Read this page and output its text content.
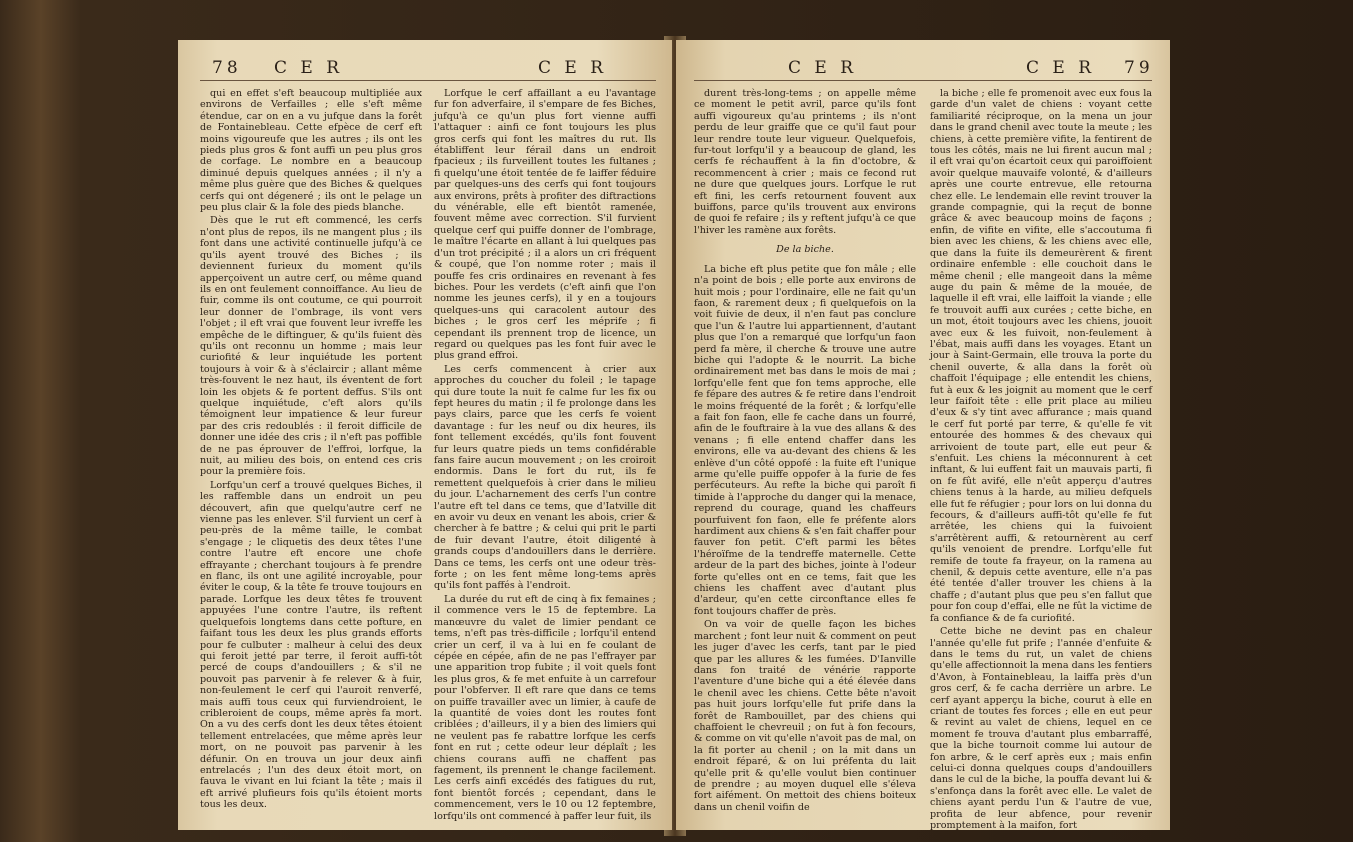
78 C E R	C E R

qui en effet s'eft beaucoup multipliée aux environs de Verfailles ; elle s'eft même étendue, car on en a vu jufque dans la forêt de Fontainebleau. Cette efpèce de cerf eft moins vigoureufe que les autres ; ils ont les pieds plus gros & font auffi un peu plus gros de corfage. Le nombre en a beaucoup diminué depuis quelques années ; il n'y a même plus guère que des Biches & quelques cerfs qui ont dégeneré ; ils ont le pelage un peu plus clair & la fole des pieds blanche.

Dès que le rut eft commencé, les cerfs n'ont plus de repos, ils ne mangent plus ; ils font dans une activité continuelle jufqu'à ce qu'ils ayent trouvé des Biches ; ils deviennent furieux du moment qu'ils apperçoivent un autre cerf, ou même quand ils en ont feulement connoiffance. Au lieu de fuir, comme ils ont coutume, ce qui pourroit leur donner de l'ombrage, ils vont vers l'objet ; il eft vrai que fouvent leur ivreffe les empêche de le diftinguer, & qu'ils fuient dès qu'ils ont reconnu un homme ; mais leur curiofité & leur inquiétude les portent toujours à voir & à s'éclaircir ; allant même très-fouvent le nez haut, ils éventent de fort loin les objets & fe portent deffus. S'ils ont quelque inquiétude, c'eft alors qu'ils témoignent leur impatience & leur fureur par des cris redoublés : il feroit difficile de donner une idée des cris ; il n'eft pas poffible de ne pas éprouver de l'effroi, lorfque, la nuit, au milieu des bois, on entend ces cris pour la première fois.

Lorfqu'un cerf a trouvé quelques Biches, il les raffemble dans un endroit un peu découvert, afin que quelqu'autre cerf ne vienne pas les enlever. S'il furvient un cerf à peu-près de la même taille, le combat s'engage ; le cliquetis des deux têtes l'une contre l'autre eft encore une chofe effrayante ; cherchant toujours à fe prendre en flanc, ils ont une agilité incroyable, pour éviter le coup, & la tête fe trouve toujours en parade. Lorfque les deux têtes fe trouvent appuyées l'une contre l'autre, ils reftent quelquefois longtems dans cette pofture, en faifant tous les deux les plus grands efforts pour fe culbuter : malheur à celui des deux qui feroit jetté par terre, il feroit auffi-tôt percé de coups d'andouillers ; & s'il ne pouvoit pas parvenir à fe relever & à fuir, non-feulement le cerf qui l'auroit renverfé, mais auffi tous ceux qui furviendroient, le cribleroient de coups, même après fa mort. On a vu des cerfs dont les deux têtes étoient tellement entrelacées, que même après leur mort, on ne pouvoit pas parvenir à les défunir. On en trouva un jour deux ainfi entrelacés ; l'un des deux étoit mort, on fauva le vivant en lui fciant la tête ; mais il eft arrivé plufieurs fois qu'ils étoient morts tous les deux.

Lorfque le cerf affaillant a eu l'avantage fur fon adverfaire, il s'empare de fes Biches, jufqu'à ce qu'un plus fort vienne auffi l'attaquer : ainfi ce font toujours les plus gros cerfs qui font les maîtres du rut. Ils établiffent leur férail dans un endroit fpacieux ; ils furveillent toutes les fultanes ; fi quelqu'une étoit tentée de fe laiffer féduire par quelques-uns des cerfs qui font toujours aux environs, prêts à profiter des diftractions du vénérable, elle eft bientôt ramenée, fouvent même avec correction. S'il furvient quelque cerf qui puiffe donner de l'ombrage, le maître l'écarte en allant à lui quelques pas d'un trot précipité ; il a alors un cri fréquent & coupé, que l'on nomme roter ; mais il pouffe fes cris ordinaires en revenant à fes biches. Pour les verdets (c'eft ainfi que l'on nomme les jeunes cerfs), il y en a toujours quelques-uns qui caracolent autour des biches ; le gros cerf les méprife ; fi cependant ils prennent trop de licence, un regard ou quelques pas les font fuir avec le plus grand effroi.

Les cerfs commencent à crier aux approches du coucher du foleil ; le tapage qui dure toute la nuit fe calme fur les fix ou fept heures du matin ; il fe prolonge dans les pays clairs, parce que les cerfs fe voient davantage : fur les neuf ou dix heures, ils font tellement excédés, qu'ils font fouvent fur leurs quatre pieds un tems confidérable fans faire aucun mouvement ; on les croiroit endormis. Dans le fort du rut, ils fe remettent quelquefois à crier dans le milieu du jour. L'acharnement des cerfs l'un contre l'autre eft tel dans ce tems, que d'Iatville dit en avoir vu deux en venant les abois, crier & chercher à fe battre ; & celui qui prit le parti de fuir devant l'autre, étoit diligenté à grands coups d'andouillers dans le derrière. Dans ce tems, les cerfs ont une odeur très-forte ; on les fent même long-tems après qu'ils font paffés à l'endroit.

La durée du rut eft de cinq à fix femaines ; il commence vers le 15 de feptembre. La manœuvre du valet de limier pendant ce tems, n'eft pas très-difficile ; lorfqu'il entend crier un cerf, il va à lui en fe coulant de cépée en cépée, afin de ne pas l'effrayer par une apparition trop fubite ; il voit quels font les plus gros, & fe met enfuite à un carrefour pour l'obferver. Il eft rare que dans ce tems on puiffe travailler avec un limier, à caufe de la quantité de voies dont les routes font criblées ; d'ailleurs, il y a bien des limiers qui ne veulent pas fe rabattre lorfque les cerfs font en rut ; cette odeur leur déplaît ; les chiens courans auffi ne chaffent pas fagement, ils prennent le change facilement. Les cerfs ainfi excédés des fatigues du rut, font bientôt forcés ; cependant, dans le commencement, vers le 10 ou 12 feptembre, lorfqu'ils ont commencé à paffer leur fuit, ils

C E R	C E R 79

durent très-long-tems ; on appelle même ce moment le petit avril, parce qu'ils font auffi vigoureux qu'au printems ; ils n'ont perdu de leur graiffe que ce qu'il faut pour leur rendre toute leur vigueur. Quelquefois, fur-tout lorfqu'il y a beaucoup de gland, les cerfs fe réchauffent à la fin d'octobre, & recommencent à crier ; mais ce fecond rut ne dure que quelques jours. Lorfque le rut eft fini, les cerfs retournent fouvent aux buiffons, parce qu'ils trouvent aux environs de quoi fe refaire ; ils y reftent jufqu'à ce que l'hiver les ramène aux forêts.

De la biche.

La biche eft plus petite que fon mâle ; elle n'a point de bois ; elle porte aux environs de huit mois ; pour l'ordinaire, elle ne fait qu'un faon, & rarement deux ; fi quelquefois on la voit fuivie de deux, il n'en faut pas conclure que l'un & l'autre lui appartiennent, d'autant plus que l'on a remarqué que lorfqu'un faon perd fa mère, il cherche & trouve une autre biche qui l'adopte & le nourrit. La biche ordinairement met bas dans le mois de mai ; lorfqu'elle fent que fon tems approche, elle fe fépare des autres & fe retire dans l'endroit le moins fréquenté de la forêt ; & lorfqu'elle a fait fon faon, elle fe cache dans un fourré, afin de le fouftraire à la vue des allans & des venans ; fi elle entend chaffer dans les environs, elle va au-devant des chiens & les enlève d'un côté oppofé : la fuite eft l'unique arme qu'elle puiffe oppofer à la furie de fes perfécuteurs. Au refte la biche qui paroît fi timide à l'approche du danger qui la menace, reprend du courage, quand les chaffeurs pourfuivent fon faon, elle fe préfente alors hardiment aux chiens & s'en fait chaffer pour fauver fon petit. C'eft parmi les bêtes l'héroïfme de la tendreffe maternelle. Cette ardeur de la part des biches, jointe à l'odeur forte qu'elles ont en ce tems, fait que les chiens les chaffent avec d'autant plus d'ardeur, qu'en cette circonftance elles fe font toujours chaffer de près.

On va voir de quelle façon les biches marchent ; font leur nuit & comment on peut les juger d'avec les cerfs, tant par le pied que par les allures & les fumées. D'Ianville dans fon traité de vénérie rapporte l'aventure d'une biche qui a été élevée dans le chenil avec les chiens. Cette bête n'avoit pas huit jours lorfqu'elle fut prife dans la forêt de Rambouillet, par des chiens qui chaffoient le chevreuil ; on fut à fon fecours, & comme on vit qu'elle n'avoit pas de mal, on la fit porter au chenil ; on la mit dans un endroit féparé, & on lui préfenta du lait qu'elle prit & qu'elle voulut bien continuer de prendre ; au moyen duquel elle s'éleva fort aifément. On mettoit des chiens boiteux dans un chenil voifin de

la biche ; elle fe promenoit avec eux fous la garde d'un valet de chiens : voyant cette familiarité réciproque, on la mena un jour dans le grand chenil avec toute la meute ; les chiens, à cette première vifite, la fentirent de tous les côtés, mais ne lui firent aucun mal ; il eft vrai qu'on écartoit ceux qui paroiffoient avoir quelque mauvaife volonté, & d'ailleurs après une courte entrevue, elle retourna chez elle. Le lendemain elle revint trouver la grande compagnie, qui la reçut de bonne grâce & avec beaucoup moins de façons ; enfin, de vifite en vifite, elle s'accoutuma fi bien avec les chiens, & les chiens avec elle, que dans la fuite ils demeurèrent & firent ordinaire enfemble : elle couchoit dans le même chenil ; elle mangeoit dans la même auge du pain & même de la mouée, de laquelle il eft vrai, elle laiffoit la viande ; elle fe trouvoit auffi aux curées ; cette biche, en un mot, étoit toujours avec les chiens, jouoit avec eux & les fuivoit, non-feulement à l'ébat, mais auffi dans les voyages. Etant un jour à Saint-Germain, elle trouva la porte du chenil ouverte, & alla dans la forêt où chaffoit l'équipage ; elle entendit les chiens, fut à eux & les joignit au moment que le cerf leur faifoit tête : elle prit place au milieu d'eux & s'y tint avec affurance ; mais quand le cerf fut porté par terre, & qu'elle fe vit entourée des hommes & des chevaux qui arrivoient de toute part, elle eut peur & s'enfuit. Les chiens la méconnurent à cet inftant, & lui euffent fait un mauvais parti, fi on fe fût avifé, elle n'eût apperçu d'autres chiens tenus à la harde, au milieu defquels elle fut fe réfugier ; pour lors on lui donna du fecours, & d'ailleurs auffi-tôt qu'elle fe fut arrêtée, les chiens qui la fuivoient s'arrêtèrent auffi, & retournèrent au cerf qu'ils venoient de prendre. Lorfqu'elle fut remife de toute fa frayeur, on la ramena au chenil, & depuis cette aventure, elle n'a pas été tentée d'aller trouver les chiens à la chaffe ; d'autant plus que peu s'en fallut que pour fon coup d'effai, elle ne fût la victime de fa confiance & de fa curiofité.

Cette biche ne devint pas en chaleur l'année qu'elle fut prife ; l'année d'enfuite & dans le tems du rut, un valet de chiens qu'elle affectionnoit la mena dans les fentiers d'Avon, à Fontainebleau, la laiffa près d'un gros cerf, & fe cacha derrière un arbre. Le cerf ayant apperçu la biche, courut à elle en criant de toutes fes forces ; elle en eut peur & revint au valet de chiens, lequel en ce moment fe trouva d'autant plus embarraffé, que la biche tournoit comme lui autour de fon arbre, & le cerf après eux ; mais enfin celui-ci donna quelques coups d'andouillers dans le cul de la biche, la pouffa devant lui & s'enfonça dans la forêt avec elle. Le valet de chiens ayant perdu l'un & l'autre de vue, profita de leur abfence, pour revenir promptement à la maifon, fort
